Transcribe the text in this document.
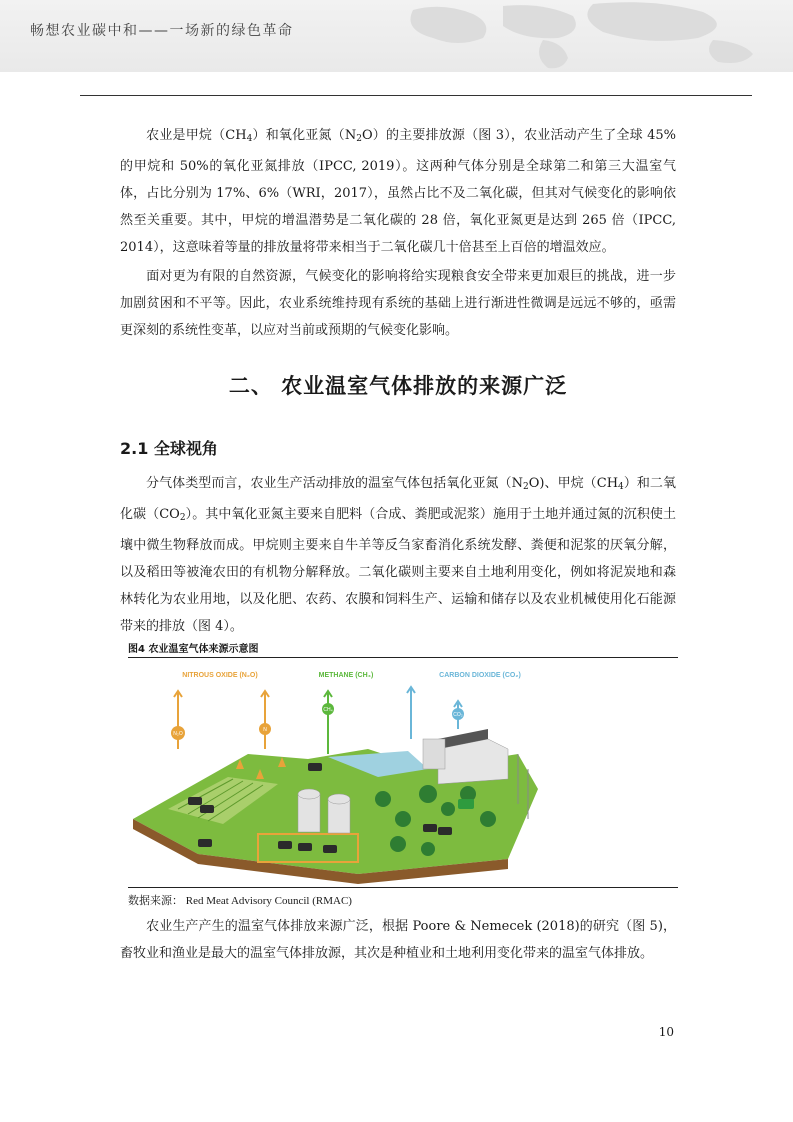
畅想农业碳中和——一场新的绿色革命

农业是甲烷$(CH_4)$和氧化亚氮$(N_2O)$的主要排放源（图 3），农业活动产生了全球 45%的甲烷和 50%的氧化亚氮排放（IPCC, 2019）。这两种气体分别是全球第二和第三大温室气体，占比分别为 17%、6%（WRI，2017），虽然占比不及二氧化碳，但其对气候变化的影响依然至关重要。其中，甲烷的增温潜势是二氧化碳的 28 倍，氧化亚氮更是达到 265 倍（IPCC, 2014），这意味着等量的排放量将带来相当于二氧化碳几十倍甚至上百倍的增温效应。

面对更为有限的自然资源，气候变化的影响将给实现粮食安全带来更加艰巨的挑战，进一步加剧贫困和不平等。因此，农业系统维持现有系统的基础上进行渐进性微调是远远不够的，亟需更深刻的系统性变革，以应对当前或预期的气候变化影响。

二、 农业温室气体排放的来源广泛
2.1 全球视角

分气体类型而言，农业生产活动排放的温室气体包括氧化亚氮$(N_2O)$、甲烷$(CH_4)$和二氧化碳$(CO_2)$。其中氧化亚氮主要来自肥料（合成、粪肥或泥浆）施用于土地并通过氮的沉积使土壤中微生物释放而成。甲烷则主要来自牛羊等反刍家畜消化系统发酵、粪便和泥浆的厌氧分解，以及稻田等被淹农田的有机物分解释放。二氧化碳则主要来自土地利用变化，例如将泥炭地和森林转化为农业用地，以及化肥、农药、农膜和饲料生产、运输和储存以及农业机械使用化石能源带来的排放（图 4）。

图4 农业温室气体来源示意图
NITROUS OXIDE (N₂O)	METHANE (CH₄)	CARBON DIOXIDE (CO₂)
N₂O
N
CH₄
CO₂
数据来源： Red Meat Advisory Council (RMAC)

农业生产产生的温室气体排放来源广泛，根据 Poore & Nemecek (2018)的研究（图 5)，畜牧业和渔业是最大的温室气体排放源，其次是种植业和土地利用变化带来的温室气体排放。

10
